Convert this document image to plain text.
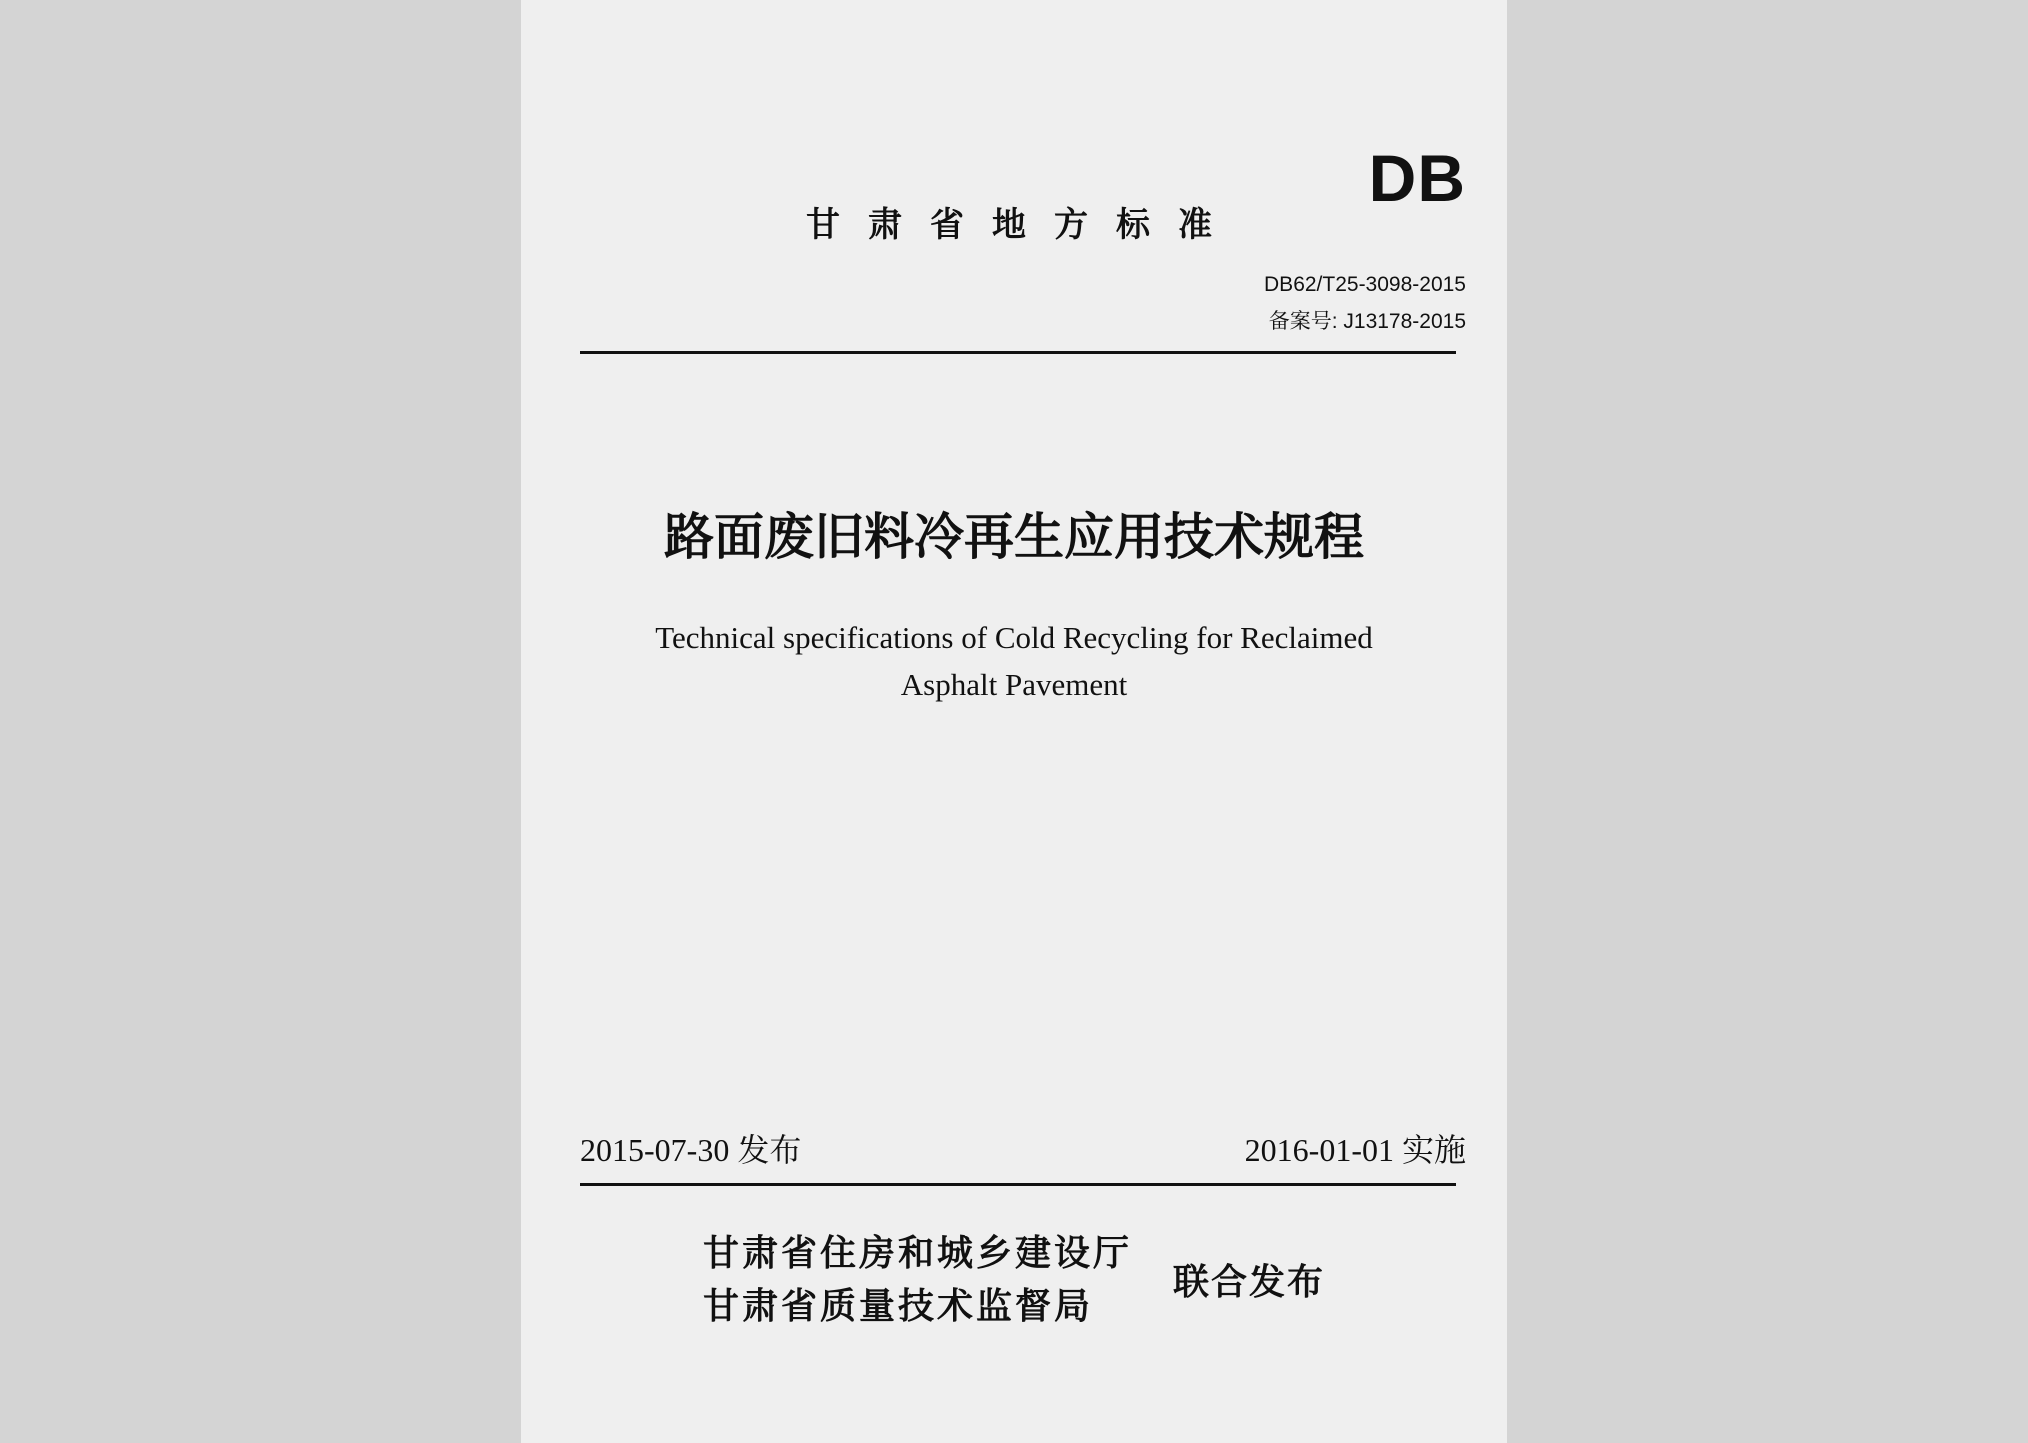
DB
甘肃省地方标准
DB62/T25-3098-2015
备案号: J13178-2015
路面废旧料冷再生应用技术规程
Technical specifications of Cold Recycling for Reclaimed
Asphalt Pavement
2015-07-30 发布	2016-01-01 实施
甘肃省住房和城乡建设厅
甘肃省质量技术监督局
联合发布
